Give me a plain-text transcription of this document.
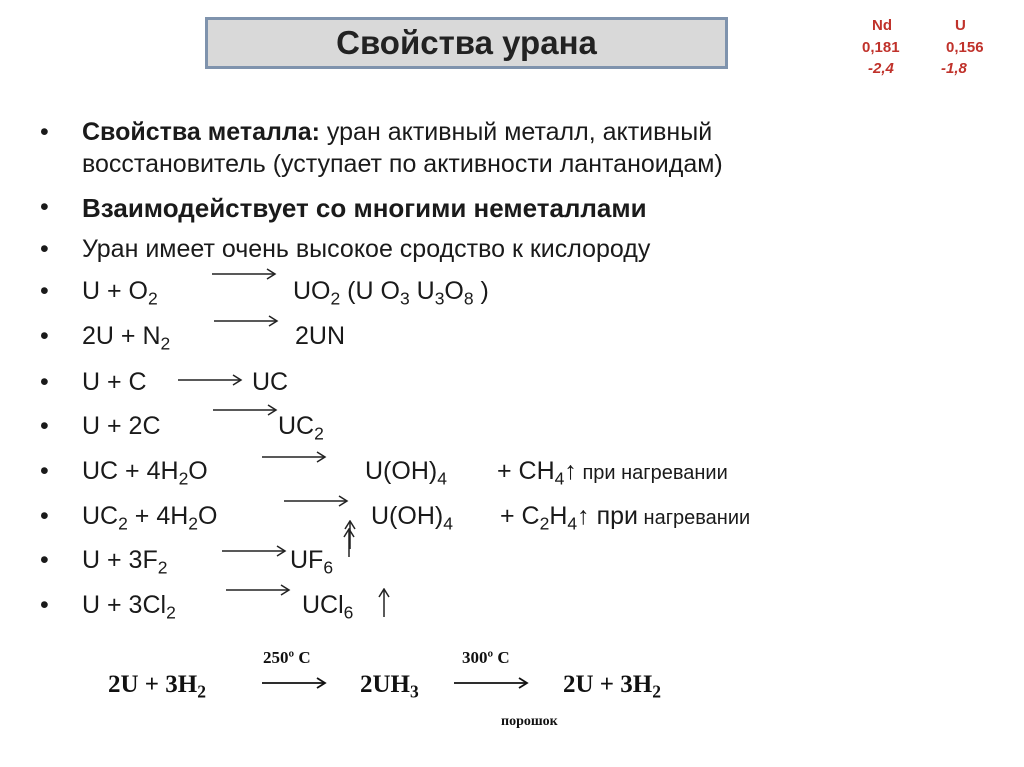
Свойства урана	Nd	U
0,181	0,156
-2,4	-1,8
• Свойства металла: уран активный металл, активный
восстановитель (уступает по активности лантаноидам)
• Взаимодействует со многими неметаллами
• Уран имеет очень высокое сродство к кислороду
• $U + O_2$	$UO_2$ (U $O_3$ $U_3O_8$ )
• $2U + N_2$	2UN
• U + C	UC
• U + 2C	$UC_2$
• UC + $4H_2O$	$U(OH)_4$ + $CH_4↑$ при нагревании
• $UC_2 + 4H_2O$	$U(OH)_4$ + $C_2H_4↑$ при нагревании
• $U + 3F_2$	$UF_6$
• $U + 3Cl_2$	UCl$_6$
$2U + 3H_2$
250º C
$2UH_3$
300º C
$2U + 3H_2$
порошок
